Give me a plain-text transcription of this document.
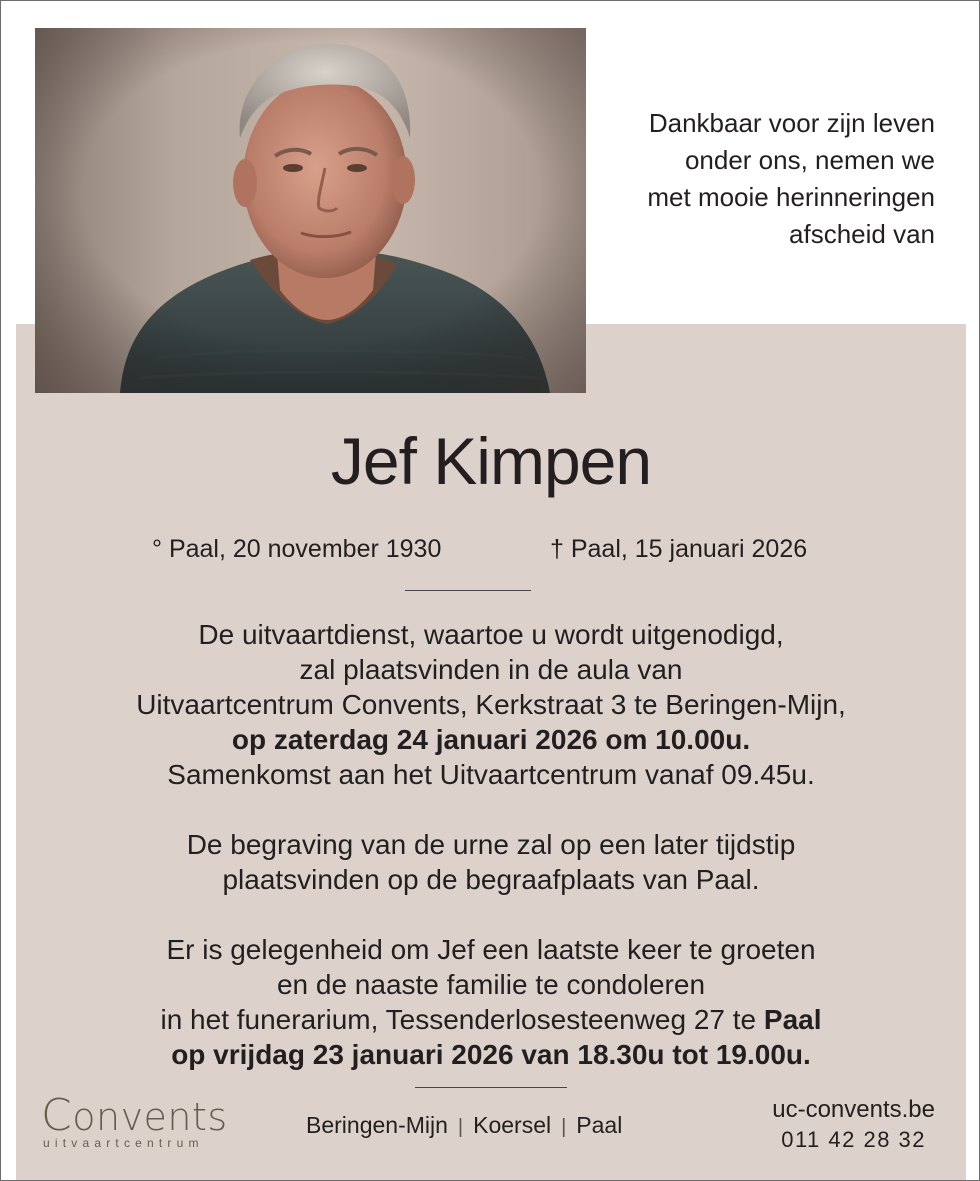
Dankbaar voor zijn leven
onder ons, nemen we
met mooie herinneringen
afscheid van
Jef Kimpen
° Paal, 20 november 1930	† Paal, 15 januari 2026
De uitvaartdienst, waartoe u wordt uitgenodigd,
zal plaatsvinden in de aula van
Uitvaartcentrum Convents, Kerkstraat 3 te Beringen-Mijn,
op zaterdag 24 januari 2026 om 10.00u.
Samenkomst aan het Uitvaartcentrum vanaf 09.45u.
De begraving van de urne zal op een later tijdstip
plaatsvinden op de begraafplaats van Paal.
Er is gelegenheid om Jef een laatste keer te groeten
en de naaste familie te condoleren
in het funerarium, Tessenderlosesteenweg 27 te Paal
op vrijdag 23 januari 2026 van 18.30u tot 19.00u.
Convents
uitvaartcentrum
Beringen-Mijn | Koersel | Paal
uc-convents.be
011 42 28 32
